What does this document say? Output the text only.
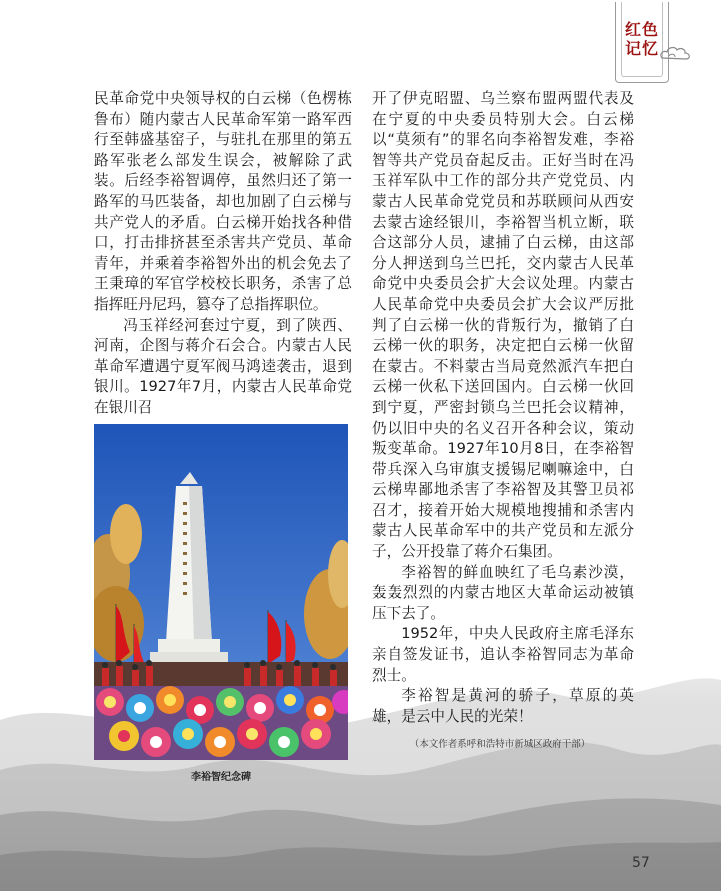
红色
记忆

民革命党中央领导权的白云梯（色楞栋鲁布）随内蒙古人民革命军第一路军西行至韩盛基窑子，与驻扎在那里的第五路军张老么部发生误会，被解除了武装。后经李裕智调停，虽然归还了第一路军的马匹装备，却也加剧了白云梯与共产党人的矛盾。白云梯开始找各种借口，打击排挤甚至杀害共产党员、革命青年，并乘着李裕智外出的机会免去了王秉璋的军官学校校长职务，杀害了总指挥旺丹尼玛，篡夺了总指挥职位。

冯玉祥经河套过宁夏，到了陕西、河南，企图与蒋介石会合。内蒙古人民革命军遭遇宁夏军阀马鸿逵袭击，退到银川。1927年7月，内蒙古人民革命党在银川召

开了伊克昭盟、乌兰察布盟两盟代表及在宁夏的中央委员特别大会。白云梯以“莫须有”的罪名向李裕智发难，李裕智等共产党员奋起反击。正好当时在冯玉祥军队中工作的部分共产党党员、内蒙古人民革命党党员和苏联顾问从西安去蒙古途经银川，李裕智当机立断，联合这部分人员，逮捕了白云梯，由这部分人押送到乌兰巴托，交内蒙古人民革命党中央委员会扩大会议处理。内蒙古人民革命党中央委员会扩大会议严厉批判了白云梯一伙的背叛行为，撤销了白云梯一伙的职务，决定把白云梯一伙留在蒙古。不料蒙古当局竟然派汽车把白云梯一伙私下送回国内。白云梯一伙回到宁夏，严密封锁乌兰巴托会议精神，仍以旧中央的名义召开各种会议，策动叛变革命。1927年10月8日，在李裕智带兵深入乌审旗支援锡尼喇嘛途中，白云梯卑鄙地杀害了李裕智及其警卫员祁召才，接着开始大规模地搜捕和杀害内蒙古人民革命军中的共产党员和左派分子，公开投靠了蒋介石集团。

李裕智的鲜血映红了毛乌素沙漠，轰轰烈烈的内蒙古地区大革命运动被镇压下去了。

1952年，中央人民政府主席毛泽东亲自签发证书，追认李裕智同志为革命烈士。

李裕智是黄河的骄子，草原的英雄，是云中人民的光荣！

李裕智纪念碑
（本文作者系呼和浩特市新城区政府干部）
57
